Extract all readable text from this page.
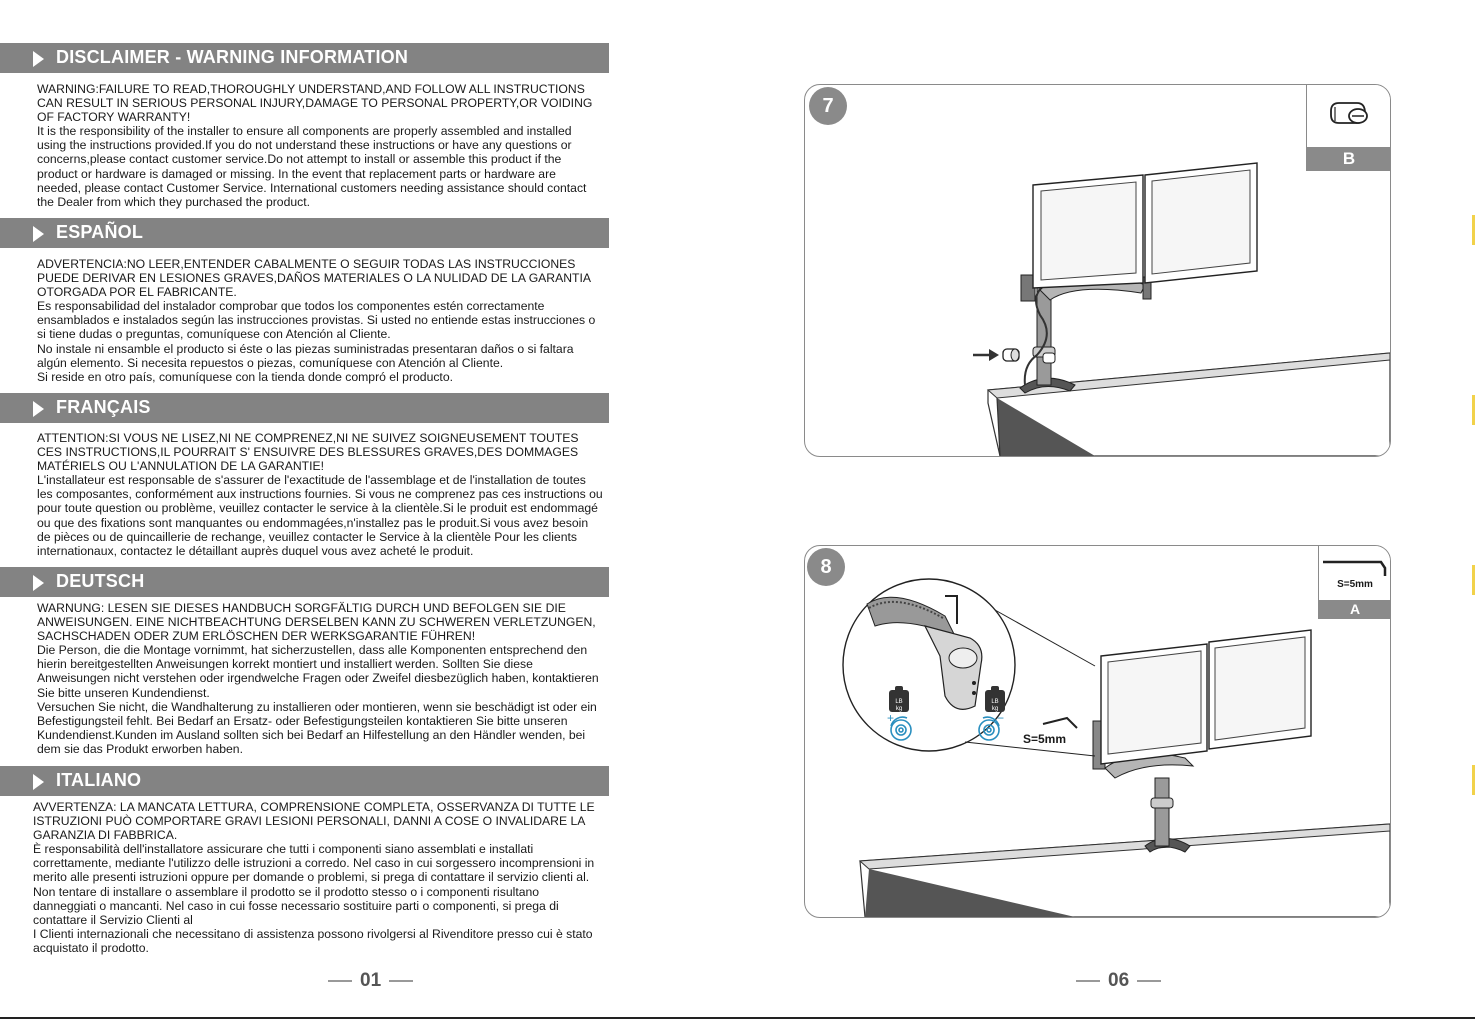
DISCLAIMER - WARNING INFORMATION

WARNING:FAILURE TO READ,THOROUGHLY UNDERSTAND,AND FOLLOW ALL INSTRUCTIONS

CAN RESULT IN SERIOUS PERSONAL INJURY,DAMAGE TO PERSONAL PROPERTY,OR VOIDING

OF FACTORY WARRANTY!

It is the responsibility of the installer to ensure all components are properly assembled and installed

using the instructions provided.If you do not understand these instructions or have any questions or

concerns,please contact customer service.Do not attempt to install or assemble this product if the

product or hardware is damaged or missing. In the event that replacement parts or hardware are

needed, please contact Customer Service. International customers needing assistance should contact

the Dealer from which they purchased the product.

ESPAÑOL

ADVERTENCIA:NO LEER,ENTENDER CABALMENTE O SEGUIR TODAS LAS INSTRUCCIONES

PUEDE DERIVAR EN LESIONES GRAVES,DAÑOS MATERIALES O LA NULIDAD DE LA GARANTIA

OTORGADA POR EL FABRICANTE.

Es responsabilidad del instalador comprobar que todos los componentes estén correctamente

ensamblados e instalados según las instrucciones provistas. Si usted no entiende estas instrucciones o

si tiene dudas o preguntas, comuníquese con Atención al Cliente.

No instale ni ensamble el producto si éste o las piezas suministradas presentaran daños o si faltara

algún elemento. Si necesita repuestos o piezas, comuníquese con Atención al Cliente.

Si reside en otro país, comuníquese con la tienda donde compró el producto.

FRANÇAIS

ATTENTION:SI VOUS NE LISEZ,NI NE COMPRENEZ,NI NE SUIVEZ SOIGNEUSEMENT TOUTES

CES INSTRUCTIONS,IL POURRAIT S' ENSUIVRE DES BLESSURES GRAVES,DES DOMMAGES

MATÉRIELS OU L'ANNULATION DE LA GARANTIE!

L'installateur est responsable de s'assurer de l'exactitude de l'assemblage et de l'installation de toutes

les composantes, conformément aux instructions fournies. Si vous ne comprenez pas ces instructions ou

pour toute question ou problème, veuillez contacter le service à la clientèle.Si le produit est endommagé

ou que des fixations sont manquantes ou endommagées,n'installez pas le produit.Si vous avez besoin

de pièces ou de quincaillerie de rechange, veuillez contacter le Service à la clientèle Pour les clients

internationaux, contactez le détaillant auprès duquel vous avez acheté le produit.

DEUTSCH

WARNUNG: LESEN SIE DIESES HANDBUCH SORGFÄLTIG DURCH UND BEFOLGEN SIE DIE

ANWEISUNGEN. EINE NICHTBEACHTUNG DERSELBEN KANN ZU SCHWEREN VERLETZUNGEN,

SACHSCHADEN ODER ZUM ERLÖSCHEN DER WERKSGARANTIE FÜHREN!

Die Person, die die Montage vornimmt, hat sicherzustellen, dass alle Komponenten entsprechend den

hierin bereitgestellten Anweisungen korrekt montiert und installiert werden. Sollten Sie diese

Anweisungen nicht verstehen oder irgendwelche Fragen oder Zweifel diesbezüglich haben, kontaktieren

Sie bitte unseren Kundendienst.

Versuchen Sie nicht, die Wandhalterung zu installieren oder montieren, wenn sie beschädigt ist oder ein

Befestigungsteil fehlt. Bei Bedarf an Ersatz- oder Befestigungsteilen kontaktieren Sie bitte unseren

Kundendienst.Kunden im Ausland sollten sich bei Bedarf an Hilfestellung an den Händler wenden, bei

dem sie das Produkt erworben haben.

ITALIANO

AVVERTENZA: LA MANCATA LETTURA, COMPRENSIONE COMPLETA, OSSERVANZA DI TUTTE LE

ISTRUZIONI PUÒ COMPORTARE GRAVI LESIONI PERSONALI, DANNI A COSE O INVALIDARE LA

GARANZIA DI FABBRICA.

È responsabilità dell'installatore assicurare che tutti i componenti siano assemblati e installati

correttamente, mediante l'utilizzo delle istruzioni a corredo. Nel caso in cui sorgessero incomprensioni in

merito alle presenti istruzioni oppure per domande o problemi, si prega di contattare il servizio clienti al.

Non tentare di installare o assemblare il prodotto se il prodotto stesso o i componenti risultano

danneggiati o mancanti. Nel caso in cui fosse necessario sostituire parti o componenti, si prega di

contattare il Servizio Clienti al

I Clienti internazionali che necessitano di assistenza possono rivolgersi al Rivenditore presso cui è stato

acquistato il prodotto.

01
7
B
LB
kg
LB
kg
+	−
8
S=5mm
S=5mm
A
06
